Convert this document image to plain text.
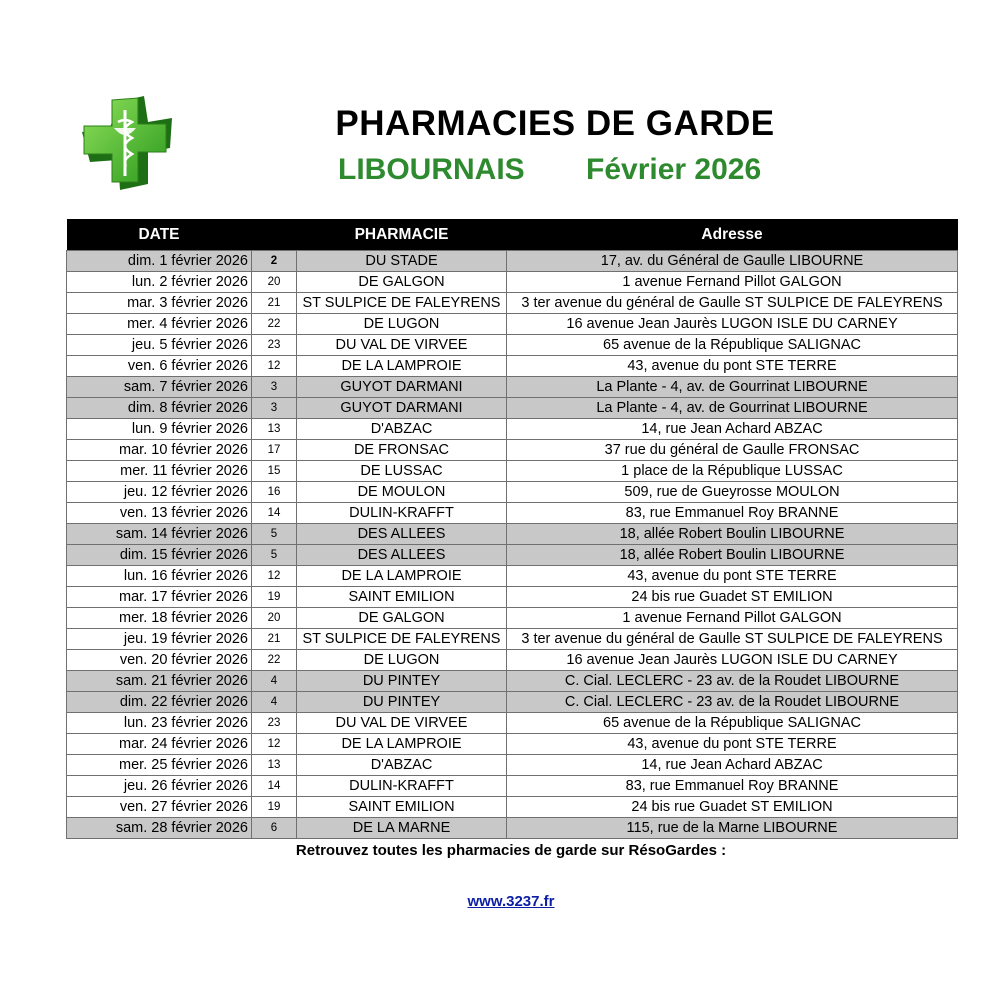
PHARMACIES DE GARDE
LIBOURNAIS Février 2026
DATE		PHARMACIE	Adresse
dim. 1 février 2026	2	DU STADE	17, av. du Général de Gaulle LIBOURNE
lun. 2 février 2026	20	DE GALGON	1 avenue Fernand Pillot GALGON
mar. 3 février 2026	21	ST SULPICE DE FALEYRENS	3 ter avenue du général de Gaulle ST SULPICE DE FALEYRENS
mer. 4 février 2026	22	DE LUGON	16 avenue Jean Jaurès LUGON ISLE DU CARNEY
jeu. 5 février 2026	23	DU VAL DE VIRVEE	65 avenue de la République SALIGNAC
ven. 6 février 2026	12	DE LA LAMPROIE	43, avenue du pont STE TERRE
sam. 7 février 2026	3	GUYOT DARMANI	La Plante - 4, av. de Gourrinat LIBOURNE
dim. 8 février 2026	3	GUYOT DARMANI	La Plante - 4, av. de Gourrinat LIBOURNE
lun. 9 février 2026	13	D'ABZAC	14, rue Jean Achard ABZAC
mar. 10 février 2026	17	DE FRONSAC	37 rue du général de Gaulle FRONSAC
mer. 11 février 2026	15	DE LUSSAC	1 place de la République LUSSAC
jeu. 12 février 2026	16	DE MOULON	509, rue de Gueyrosse MOULON
ven. 13 février 2026	14	DULIN-KRAFFT	83, rue Emmanuel Roy BRANNE
sam. 14 février 2026	5	DES ALLEES	18, allée Robert Boulin LIBOURNE
dim. 15 février 2026	5	DES ALLEES	18, allée Robert Boulin LIBOURNE
lun. 16 février 2026	12	DE LA LAMPROIE	43, avenue du pont STE TERRE
mar. 17 février 2026	19	SAINT EMILION	24 bis rue Guadet ST EMILION
mer. 18 février 2026	20	DE GALGON	1 avenue Fernand Pillot GALGON
jeu. 19 février 2026	21	ST SULPICE DE FALEYRENS	3 ter avenue du général de Gaulle ST SULPICE DE FALEYRENS
ven. 20 février 2026	22	DE LUGON	16 avenue Jean Jaurès LUGON ISLE DU CARNEY
sam. 21 février 2026	4	DU PINTEY	C. Cial. LECLERC - 23 av. de la Roudet LIBOURNE
dim. 22 février 2026	4	DU PINTEY	C. Cial. LECLERC - 23 av. de la Roudet LIBOURNE
lun. 23 février 2026	23	DU VAL DE VIRVEE	65 avenue de la République SALIGNAC
mar. 24 février 2026	12	DE LA LAMPROIE	43, avenue du pont STE TERRE
mer. 25 février 2026	13	D'ABZAC	14, rue Jean Achard ABZAC
jeu. 26 février 2026	14	DULIN-KRAFFT	83, rue Emmanuel Roy BRANNE
ven. 27 février 2026	19	SAINT EMILION	24 bis rue Guadet ST EMILION
sam. 28 février 2026	6	DE LA MARNE	115, rue de la Marne LIBOURNE
Retrouvez toutes les pharmacies de garde sur RésoGardes :
www.3237.fr
